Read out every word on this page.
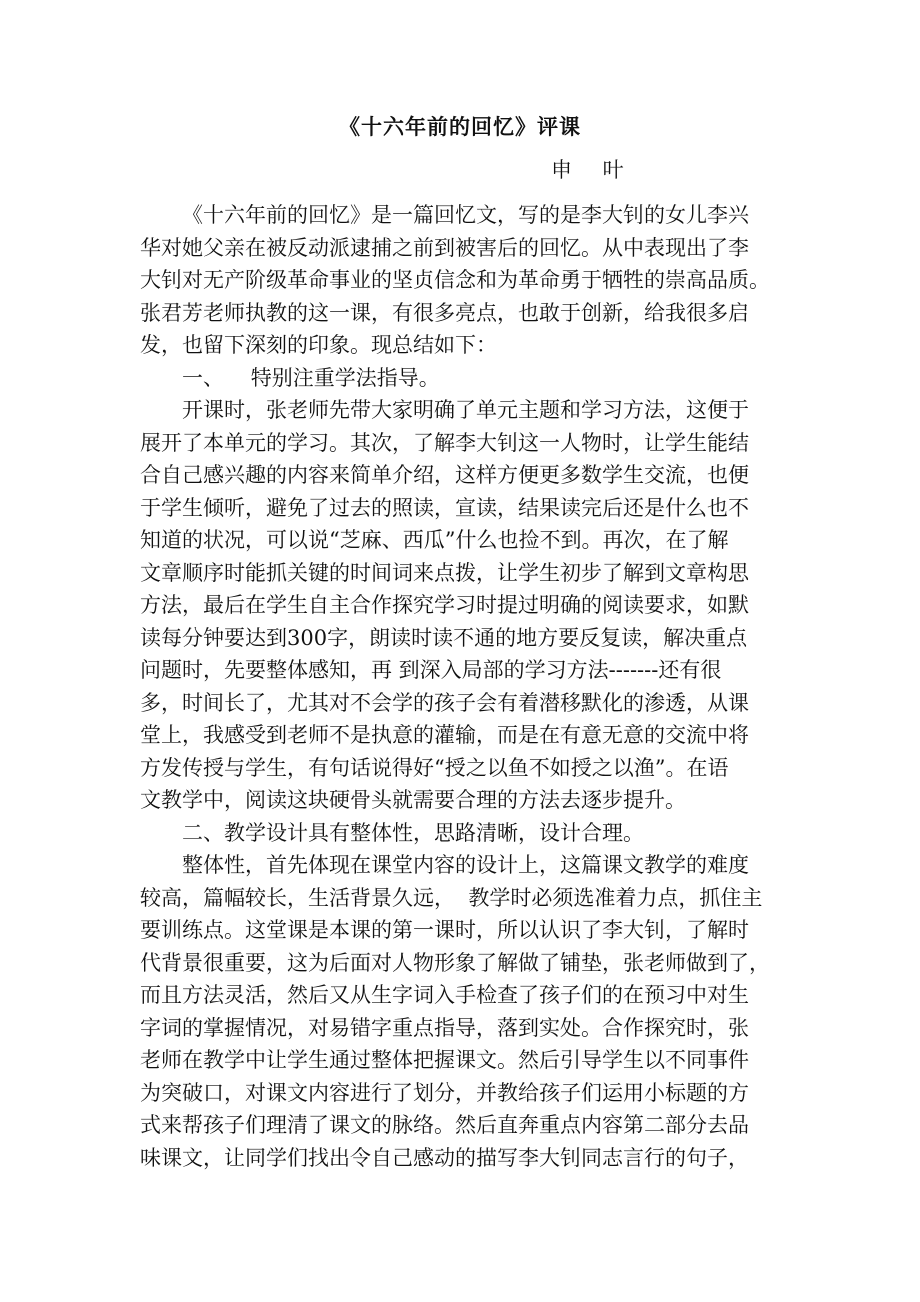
《十六年前的回忆》评课
申 叶
《十六年前的回忆》是一篇回忆文，写的是李大钊的女儿李兴
华对她父亲在被反动派逮捕之前到被害后的回忆。从中表现出了李
大钊对无产阶级革命事业的坚贞信念和为革命勇于牺牲的崇高品质。
张君芳老师执教的这一课，有很多亮点，也敢于创新，给我很多启
发，也留下深刻的印象。现总结如下：
一、    特别注重学法指导。
开课时，张老师先带大家明确了单元主题和学习方法，这便于
展开了本单元的学习。其次，了解李大钊这一人物时，让学生能结
合自己感兴趣的内容来简单介绍，这样方便更多数学生交流，也便
于学生倾听，避免了过去的照读，宣读，结果读完后还是什么也不
知道的状况，可以说“芝麻、西瓜”什么也捡不到。再次，在了解
文章顺序时能抓关键的时间词来点拨，让学生初步了解到文章构思
方法，最后在学生自主合作探究学习时提过明确的阅读要求，如默
读每分钟要达到300字，朗读时读不通的地方要反复读，解决重点
问题时，先要整体感知，再 到深入局部的学习方法-------还有很
多，时间长了，尤其对不会学的孩子会有着潜移默化的渗透，从课
堂上，我感受到老师不是执意的灌输，而是在有意无意的交流中将
方发传授与学生，有句话说得好“授之以鱼不如授之以渔”。在语
文教学中，阅读这块硬骨头就需要合理的方法去逐步提升。
二、教学设计具有整体性，思路清晰，设计合理。
整体性，首先体现在课堂内容的设计上，这篇课文教学的难度
较高，篇幅较长，生活背景久远，  教学时必须选准着力点，抓住主
要训练点。这堂课是本课的第一课时，所以认识了李大钊，了解时
代背景很重要，这为后面对人物形象了解做了铺垫，张老师做到了，
而且方法灵活，然后又从生字词入手检查了孩子们的在预习中对生
字词的掌握情况，对易错字重点指导，落到实处。合作探究时，张
老师在教学中让学生通过整体把握课文。然后引导学生以不同事件
为突破口，对课文内容进行了划分，并教给孩子们运用小标题的方
式来帮孩子们理清了课文的脉络。然后直奔重点内容第二部分去品
味课文，让同学们找出令自己感动的描写李大钊同志言行的句子，
